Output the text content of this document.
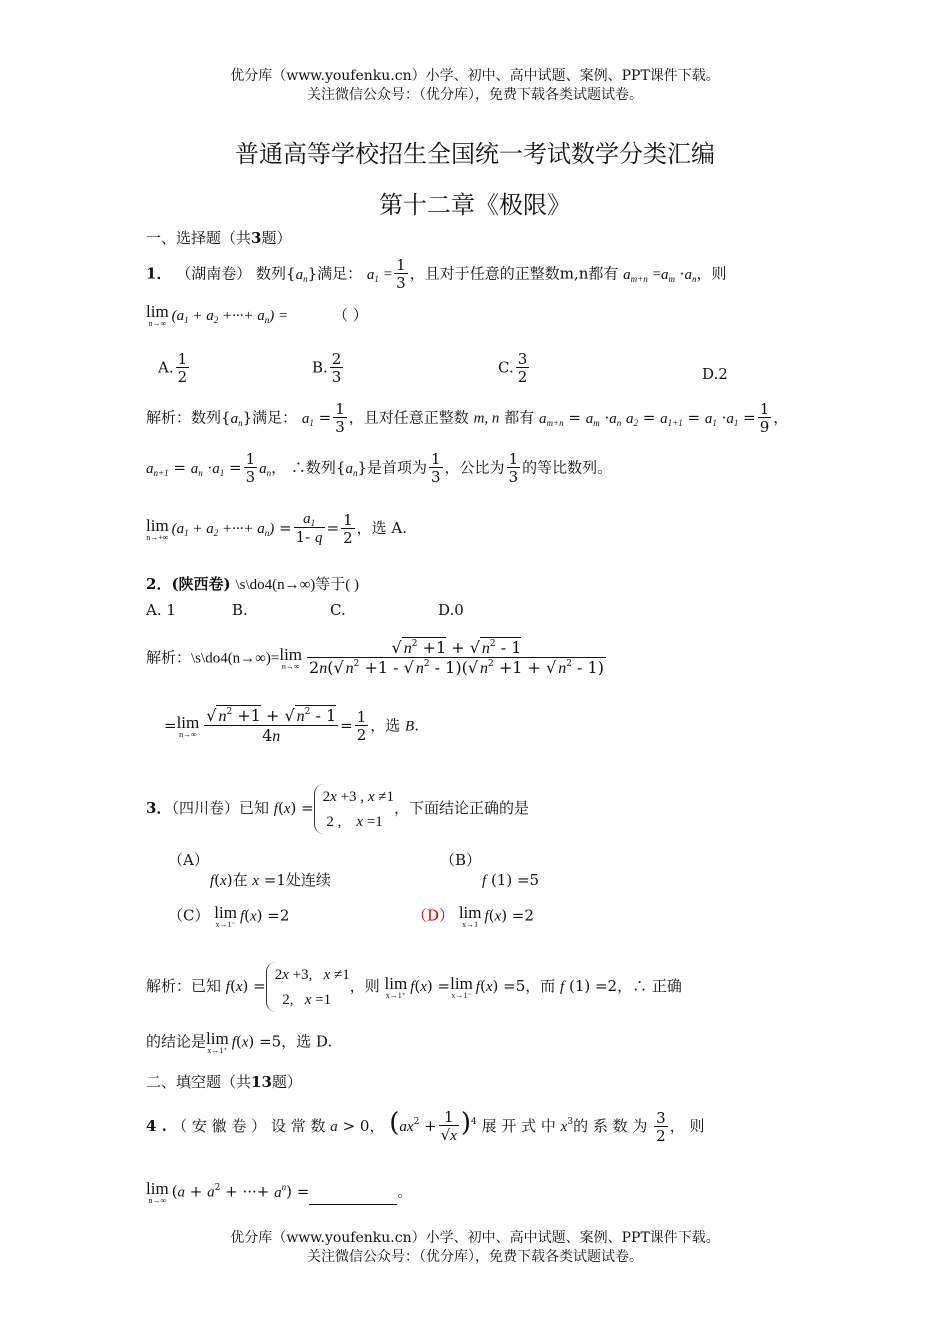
优分库（www.youfenku.cn）小学、初中、高中试题、案例、PPT课件下载。
关注微信公众号：（优分库），免费下载各类试题试卷。
普通高等学校招生全国统一考试数学分类汇编
第十二章《极限》
一、选择题（共3题）
1． （湖南卷） 数列$\{a_n\}$满足： $a_1 = \frac{1}{3}$ ，且对于任意的正整数m,n都有 $a_{m+n} =a_m \cdot a_n$，则
lim
n→∞ ($a_1 + a_2$ +···+ $a_n$) =	（ ）
A. $\frac{1}{2}$	B. $\frac{2}{3}$	C. $\frac{3}{2}$	D.2
解析：数列$\{a_n\}$满足： $a_1 = \frac{1}{3}$ ，且对任意正整数 m, n 都有 $a_{m+n} = a_m \cdot a_n$ $a_2 = a_{1+1} = a_1 \cdot a_1 = \frac{1}{9}$ ，
$a_{n+1} = a_n \cdot a_1 = \frac{1}{3} a_n$， ∴数列$\{a_n\}$是首项为 $\frac{1}{3}$ ，公比为 $\frac{1}{3}$ 的等比数列。
lim
n→+∞ ($a_1 + a_2$ +···+ $a_n) = \frac{a_1}{1- q} = \frac{1}{2}$ ，选 A.
2．(陕西卷) \s\do4(n→∞)等于( )
A. 1	B.	C.	D.0
解析：\s\do4(n→∞)= lim
$n\to\infty \frac{√ n^2 +1 + √ n^2 - 1}{2n(√ n^2 +1 - √ n^2 - 1)(√ n^2 +1 + √ n^2 - 1)}$
= lim
$n\to\infty \frac{√ n^2 +1 + √ n^2 - 1}{4n} = \frac{1}{2}$ ，选 B.
3．（四川卷）已知 f(x) =2x +3 , x ≠1
2 ,    x =1，下面结论正确的是
（A）
f(x)在 x =1处连续
（B）
f (1) =5
（C） lim
x→1⁻ f(x) =2	（D） lim
x→1 f(x) =2
解析：已知 f(x) =2x +3,   x ≠1
2,   x =1，则 lim
x→1⁺ f(x) = lim
x→1⁻ f(x) =5，而 f (1) =2，∴ 正确
的结论是 lim
x→1⁺ f(x) =5，选 D.
二、填空题（共13题）
4 . （ 安 徽 卷 ） 设 常 数 a > 0， $(ax^2 + \frac{1}{√x} )^4$ 展 开 式 中 $x^3$的 系 数 为 $\frac{3}{2}$ ， 则
lim
n→∞ ($a + a^2$ + ···+ $a^n$) =	。
优分库（www.youfenku.cn）小学、初中、高中试题、案例、PPT课件下载。
关注微信公众号：（优分库），免费下载各类试题试卷。
